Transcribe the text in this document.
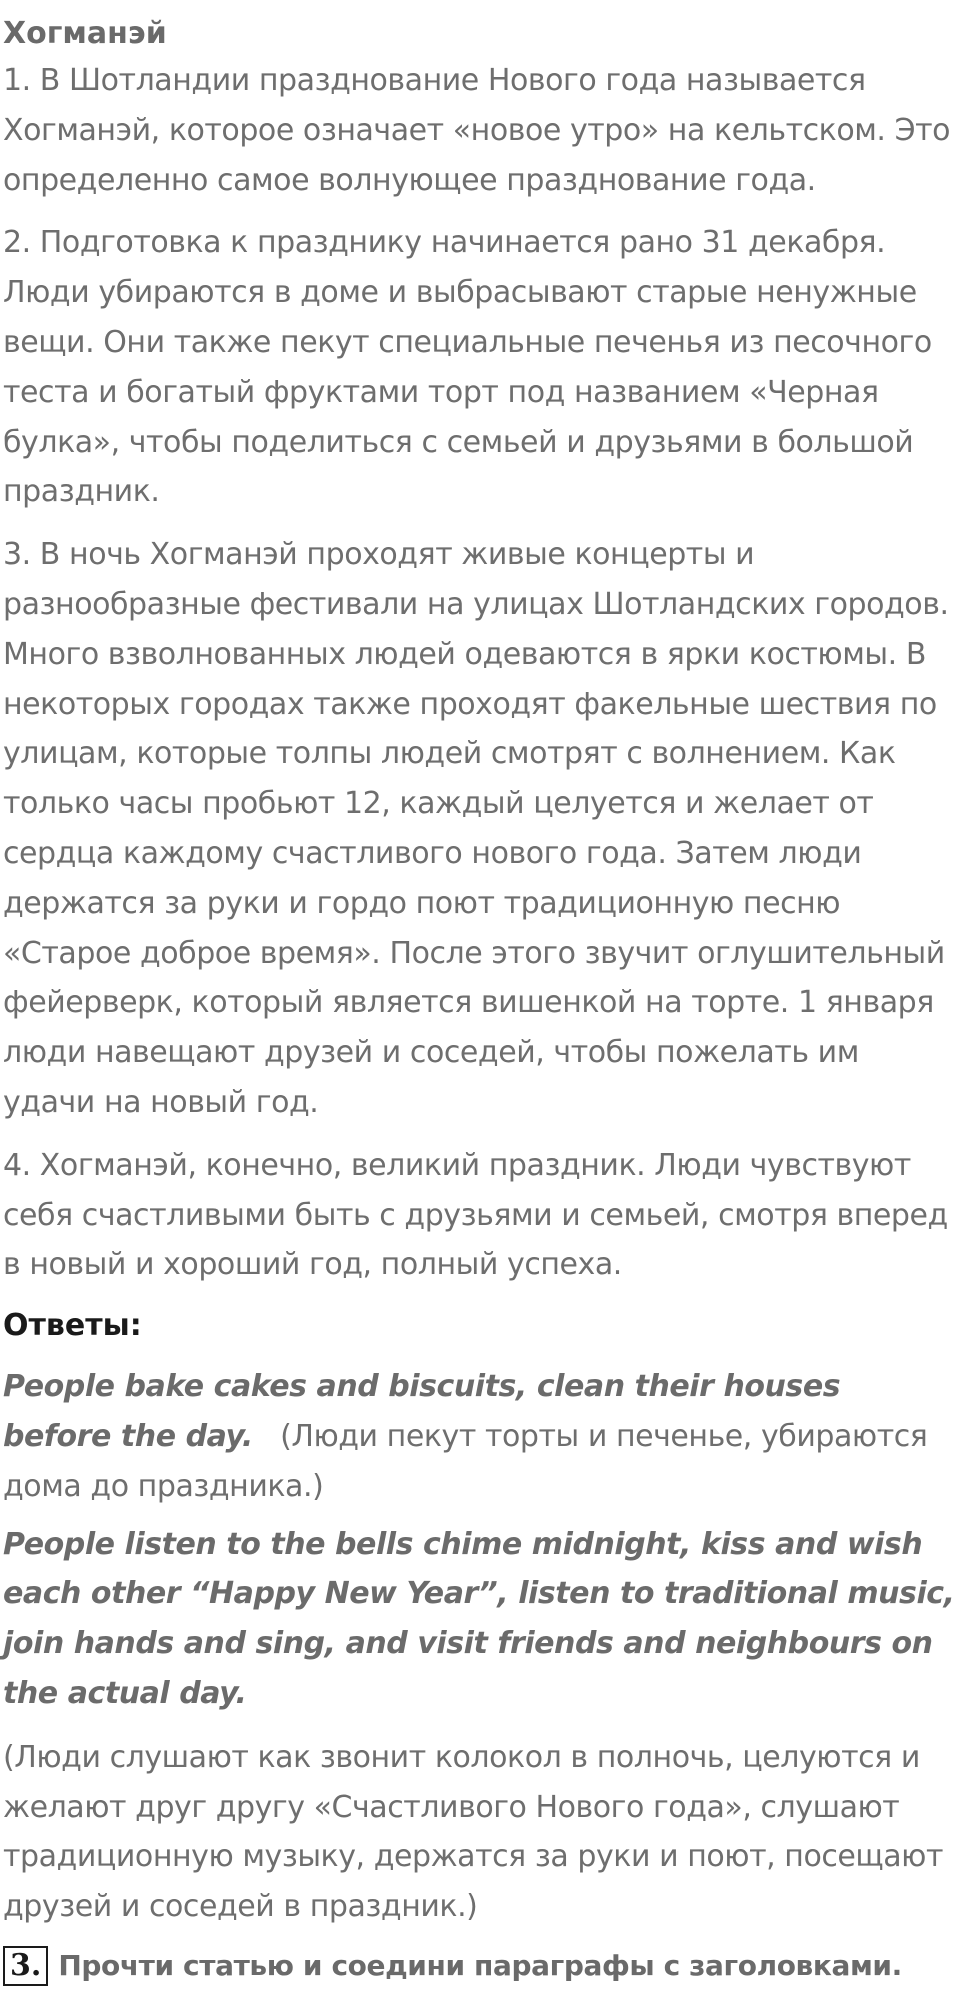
Хогманэй

1. В Шотландии празднование Нового года называется Хогманэй, которое означает «новое утро» на кельтском. Это определенно самое волнующее празднование года.

2. Подготовка к празднику начинается рано 31 декабря. Люди убираются в доме и выбрасывают старые ненужные вещи. Они также пекут специальные печенья из песочного теста и богатый фруктами торт под названием «Черная булка», чтобы поделиться с семьей и друзьями в большой праздник.

3. В ночь Хогманэй проходят живые концерты и разнообразные фестивали на улицах Шотландских городов. Много взволнованных людей одеваются в ярки костюмы. В некоторых городах также проходят факельные шествия по улицам, которые толпы людей смотрят с волнением. Как только часы пробьют 12, каждый целуется и желает от сердца каждому счастливого нового года. Затем люди держатся за руки и гордо поют традиционную песню «Старое доброе время». После этого звучит оглушительный фейерверк, который является вишенкой на торте. 1 января люди навещают друзей и соседей, чтобы пожелать им удачи на новый год.

4. Хогманэй, конечно, великий праздник. Люди чувствуют себя счастливыми быть с друзьями и семьей, смотря вперед в новый и хороший год, полный успеха.

Ответы:

People bake cakes and biscuits, clean their houses before the day. (Люди пекут торты и печенье, убираются дома до праздника.)

People listen to the bells chime midnight, kiss and wish each other “Happy New Year”, listen to traditional music, join hands and sing, and visit friends and neighbours on the actual day.

(Люди слушают как звонит колокол в полночь, целуются и желают друг другу «Счастливого Нового года», слушают традиционную музыку, держатся за руки и поют, посещают друзей и соседей в праздник.)

3. Прочти статью и соедини параграфы с заголовками.
